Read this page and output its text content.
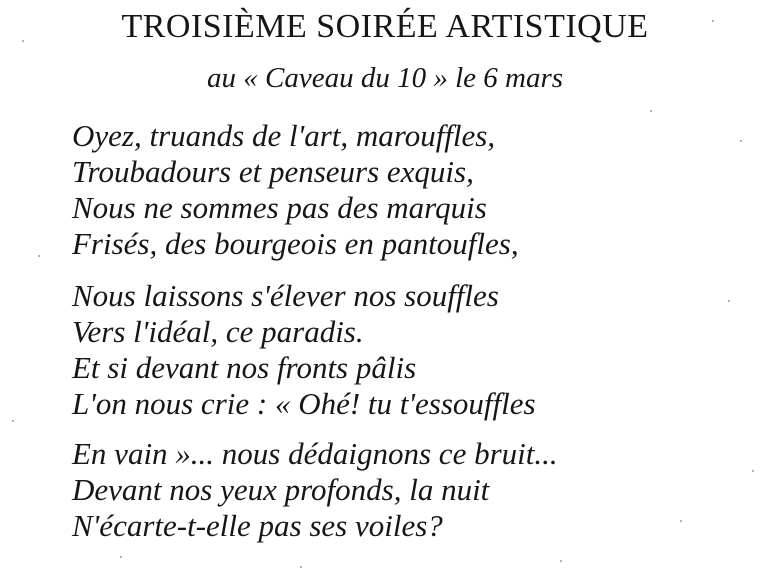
TROISIÈME SOIRÉE ARTISTIQUE
au « Caveau du 10 » le 6 mars
Oyez, truands de l'art, marouffles,
Troubadours et penseurs exquis,
Nous ne sommes pas des marquis
Frisés, des bourgeois en pantoufles,
Nous laissons s'élever nos souffles
Vers l'idéal, ce paradis.
Et si devant nos fronts pâlis
L'on nous crie : « Ohé! tu t'essouffles
En vain »... nous dédaignons ce bruit...
Devant nos yeux profonds, la nuit
N'écarte-t-elle pas ses voiles?
